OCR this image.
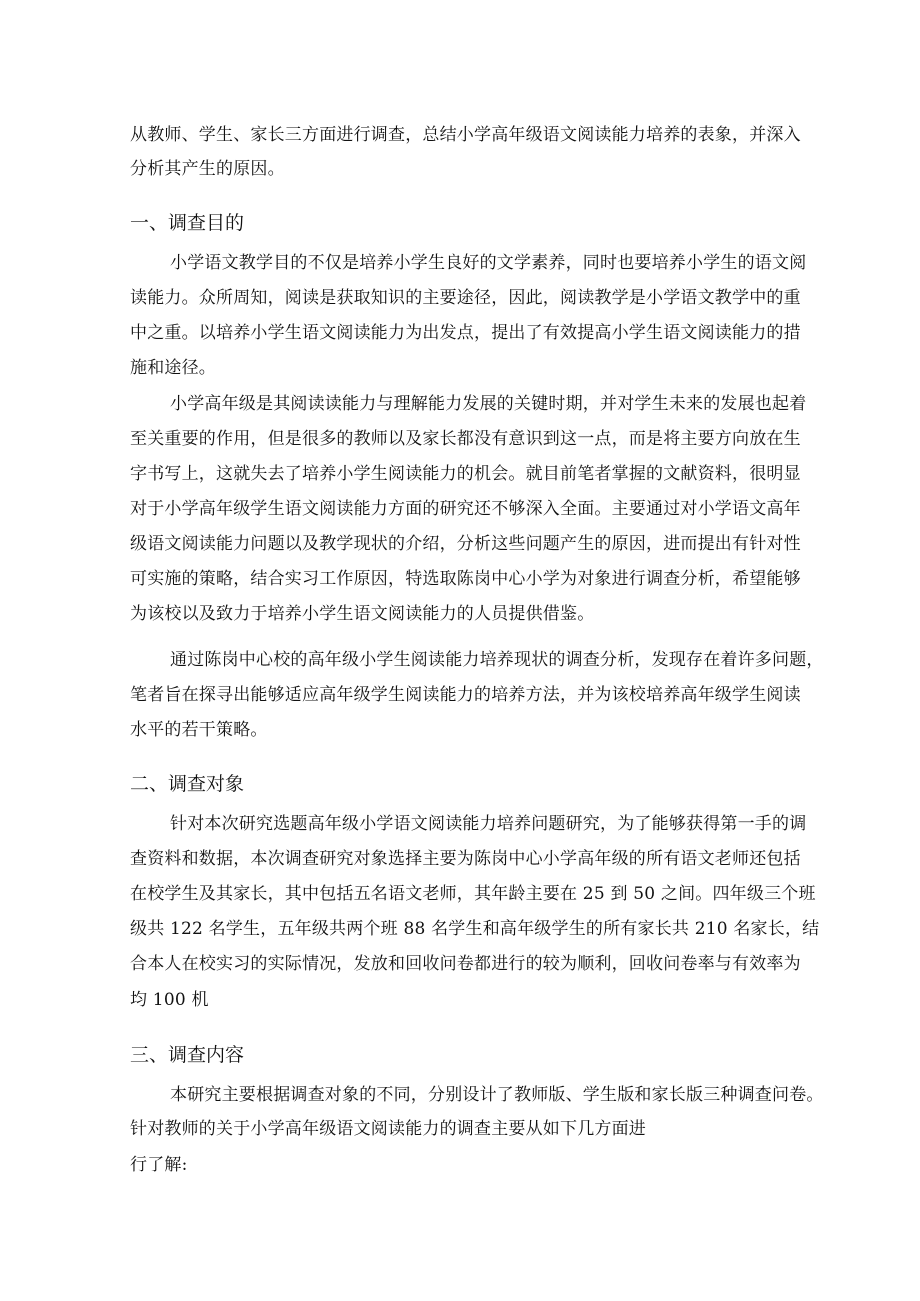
从教师、学生、家长三方面进行调查，总结小学高年级语文阅读能力培养的表象，并深入
分析其产生的原因。
一、调查目的
小学语文教学目的不仅是培养小学生良好的文学素养，同时也要培养小学生的语文阅
读能力。众所周知，阅读是获取知识的主要途径，因此，阅读教学是小学语文教学中的重
中之重。以培养小学生语文阅读能力为出发点，提出了有效提高小学生语文阅读能力的措
施和途径。
小学高年级是其阅读读能力与理解能力发展的关键时期，并对学生未来的发展也起着
至关重要的作用，但是很多的教师以及家长都没有意识到这一点，而是将主要方向放在生
字书写上，这就失去了培养小学生阅读能力的机会。就目前笔者掌握的文献资料，很明显
对于小学高年级学生语文阅读能力方面的研究还不够深入全面。主要通过对小学语文高年
级语文阅读能力问题以及教学现状的介绍，分析这些问题产生的原因，进而提出有针对性
可实施的策略，结合实习工作原因，特选取陈岗中心小学为对象进行调查分析，希望能够
为该校以及致力于培养小学生语文阅读能力的人员提供借鉴。
通过陈岗中心校的高年级小学生阅读能力培养现状的调查分析，发现存在着许多问题，
笔者旨在探寻出能够适应高年级学生阅读能力的培养方法，并为该校培养高年级学生阅读
水平的若干策略。
二、调查对象
针对本次研究选题高年级小学语文阅读能力培养问题研究，为了能够获得第一手的调
查资料和数据，本次调查研究对象选择主要为陈岗中心小学高年级的所有语文老师还包括
在校学生及其家长，其中包括五名语文老师，其年龄主要在 25 到 50 之间。四年级三个班
级共 122 名学生，五年级共两个班 88 名学生和高年级学生的所有家长共 210 名家长，结
合本人在校实习的实际情况，发放和回收问卷都进行的较为顺利，回收问卷率与有效率为
均 100 机
三、调查内容
本研究主要根据调查对象的不同，分别设计了教师版、学生版和家长版三种调查问卷。
针对教师的关于小学高年级语文阅读能力的调查主要从如下几方面进
行了解:
